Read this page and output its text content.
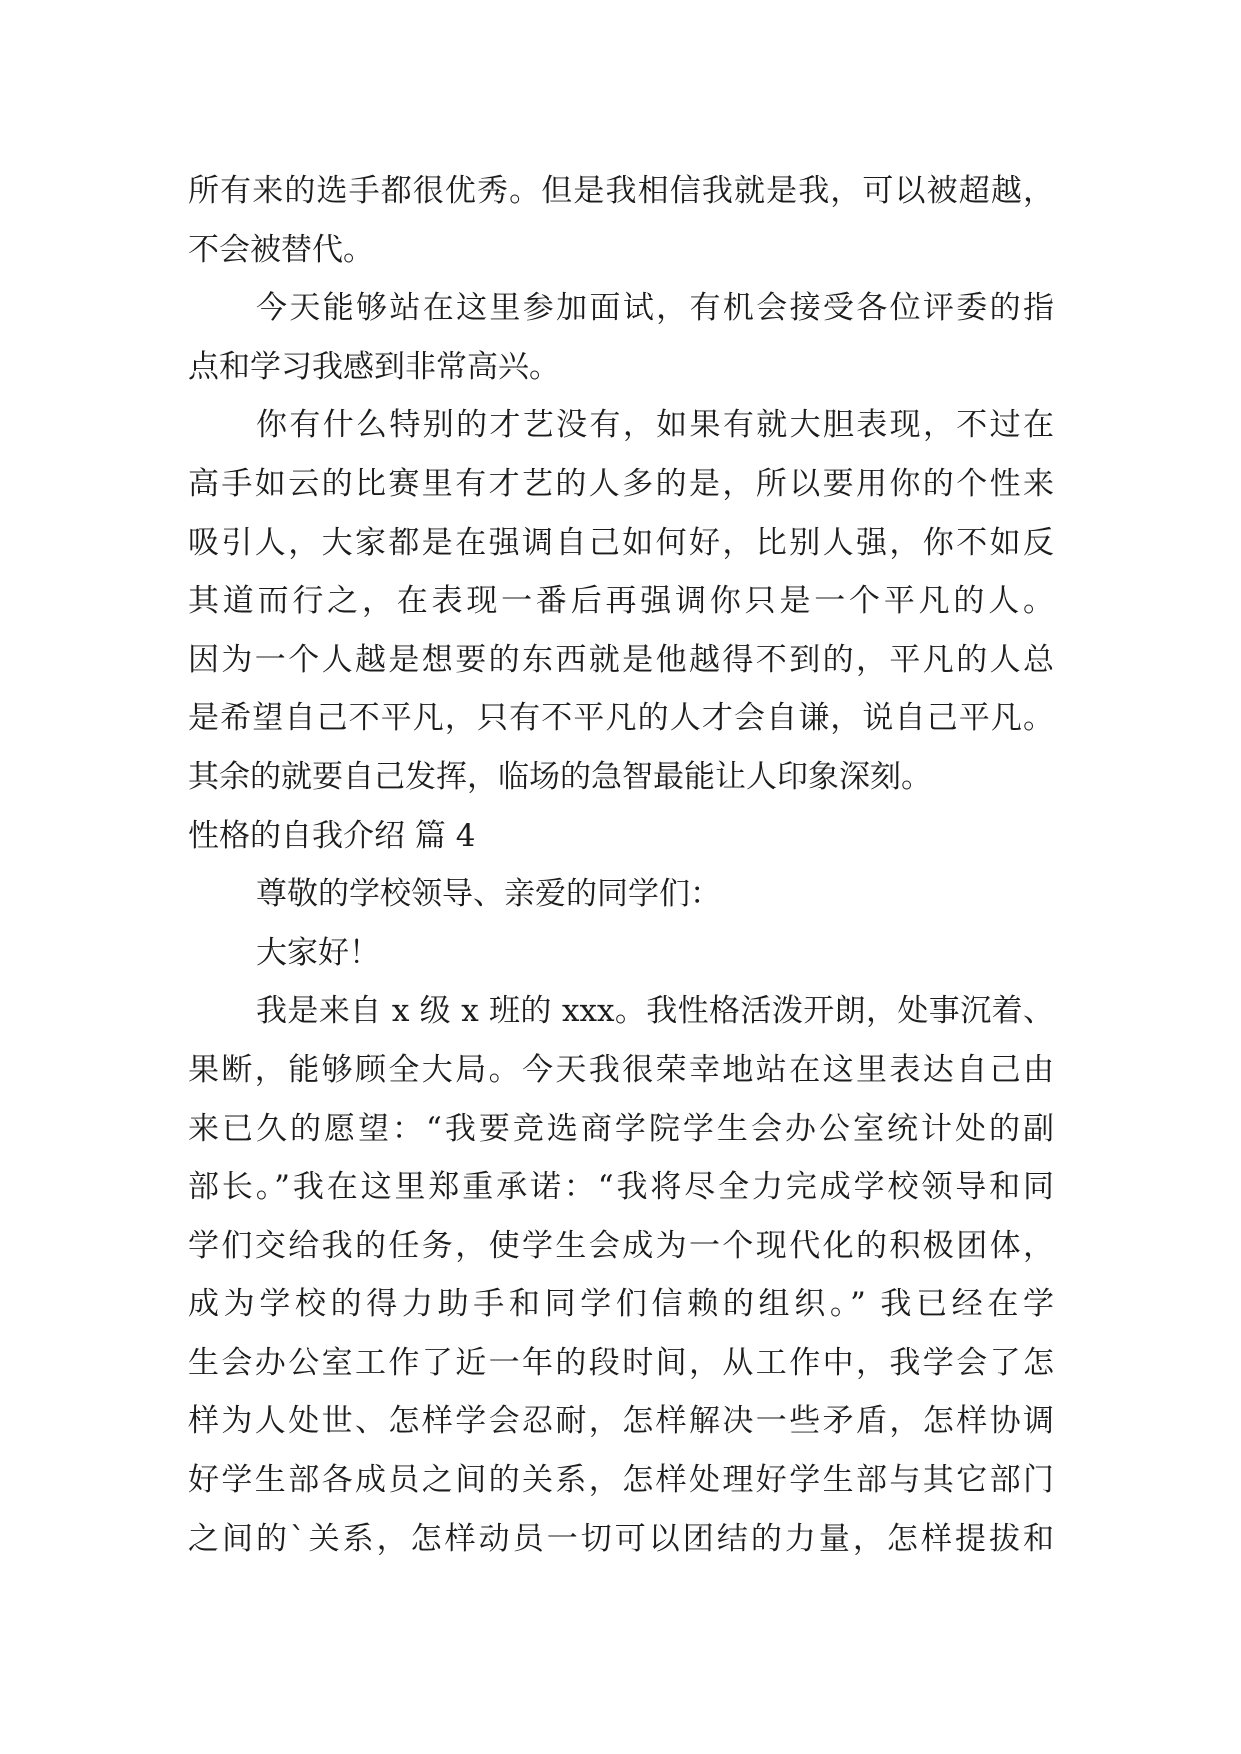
所有来的选手都很优秀。但是我相信我就是我，可以被超越，
不会被替代。
今天能够站在这里参加面试，有机会接受各位评委的指
点和学习我感到非常高兴。
你有什么特别的才艺没有，如果有就大胆表现，不过在
高手如云的比赛里有才艺的人多的是，所以要用你的个性来
吸引人，大家都是在强调自己如何好，比别人强，你不如反
其道而行之，在表现一番后再强调你只是一个平凡的人。
因为一个人越是想要的东西就是他越得不到的，平凡的人总
是希望自己不平凡，只有不平凡的人才会自谦，说自己平凡。
其余的就要自己发挥，临场的急智最能让人印象深刻。
性格的自我介绍 篇 4
尊敬的学校领导、亲爱的同学们：
大家好！
我是来自 x 级 x 班的 xxx。我性格活泼开朗，处事沉着、
果断，能够顾全大局。今天我很荣幸地站在这里表达自己由
来已久的愿望：“我要竞选商学院学生会办公室统计处的副
部长。”我在这里郑重承诺：“我将尽全力完成学校领导和同
学们交给我的任务，使学生会成为一个现代化的积极团体，
成为学校的得力助手和同学们信赖的组织。” 我已经在学
生会办公室工作了近一年的段时间，从工作中，我学会了怎
样为人处世、怎样学会忍耐，怎样解决一些矛盾，怎样协调
好学生部各成员之间的关系，怎样处理好学生部与其它部门
之间的`关系，怎样动员一切可以团结的力量，怎样提拔和
